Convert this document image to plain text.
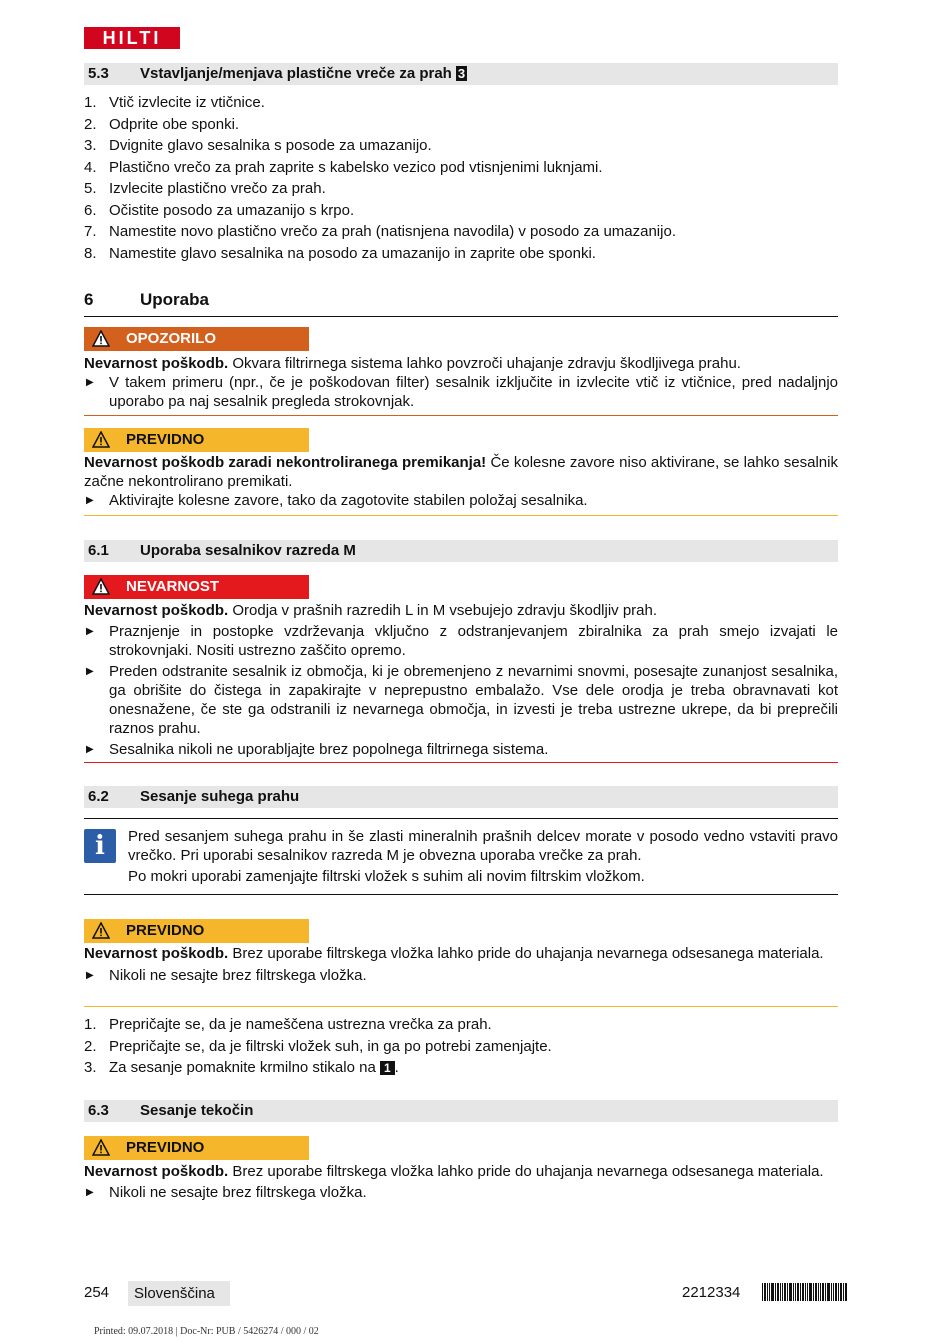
HILTI
5.3 Vstavljanje/menjava plastične vreče za prah 3
1. Vtič izvlecite iz vtičnice.
2. Odprite obe sponki.
3. Dvignite glavo sesalnika s posode za umazanijo.
4. Plastično vrečo za prah zaprite s kabelsko vezico pod vtisnjenimi luknjami.
5. Izvlecite plastično vrečo za prah.
6. Očistite posodo za umazanijo s krpo.
7. Namestite novo plastično vrečo za prah (natisnjena navodila) v posodo za umazanijo.
8. Namestite glavo sesalnika na posodo za umazanijo in zaprite obe sponki.
6	Uporaba
OPOZORILO

Nevarnost poškodb. Okvara filtrirnega sistema lahko povzroči uhajanje zdravju škodljivega prahu.

▶ V takem primeru (npr., če je poškodovan filter) sesalnik izključite in izvlecite vtič iz vtičnice, pred nadaljnjo uporabo pa naj sesalnik pregleda strokovnjak.
PREVIDNO

Nevarnost poškodb zaradi nekontroliranega premikanja! Če kolesne zavore niso aktivirane, se lahko sesalnik začne nekontrolirano premikati.

▶ Aktivirajte kolesne zavore, tako da zagotovite stabilen položaj sesalnika.
6.1 Uporaba sesalnikov razreda M
NEVARNOST

Nevarnost poškodb. Orodja v prašnih razredih L in M vsebujejo zdravju škodljiv prah.

▶ Praznjenje in postopke vzdrževanja vključno z odstranjevanjem zbiralnika za prah smejo izvajati le strokovnjaki. Nositi ustrezno zaščito opremo.
▶ Preden odstranite sesalnik iz območja, ki je obremenjeno z nevarnimi snovmi, posesajte zunanjost sesalnika, ga obrišite do čistega in zapakirajte v neprepustno embalažo. Vse dele orodja je treba obravnavati kot onesnažene, če ste ga odstranili iz nevarnega območja, in izvesti je treba ustrezne ukrepe, da bi preprečili raznos prahu.
▶ Sesalnika nikoli ne uporabljajte brez popolnega filtrirnega sistema.
6.2 Sesanje suhega prahu
i	Pred sesanjem suhega prahu in še zlasti mineralnih prašnih delcev morate v posodo vedno vstaviti pravo vrečko. Pri uporabi sesalnikov razreda M je obvezna uporaba vrečke za prah.

Po mokri uporabi zamenjajte filtrski vložek s suhim ali novim filtrskim vložkom.

PREVIDNO

Nevarnost poškodb. Brez uporabe filtrskega vložka lahko pride do uhajanja nevarnega odsesanega materiala.

▶ Nikoli ne sesajte brez filtrskega vložka.
1. Prepričajte se, da je nameščena ustrezna vrečka za prah.
2. Prepričajte se, da je filtrski vložek suh, in ga po potrebi zamenjajte.
3. Za sesanje pomaknite krmilno stikalo na 1 .
6.3 Sesanje tekočin
PREVIDNO

Nevarnost poškodb. Brez uporabe filtrskega vložka lahko pride do uhajanja nevarnega odsesanega materiala.

▶ Nikoli ne sesajte brez filtrskega vložka.
254	Slovenščina	2212334
Printed: 09.07.2018 | Doc-Nr: PUB / 5426274 / 000 / 02
